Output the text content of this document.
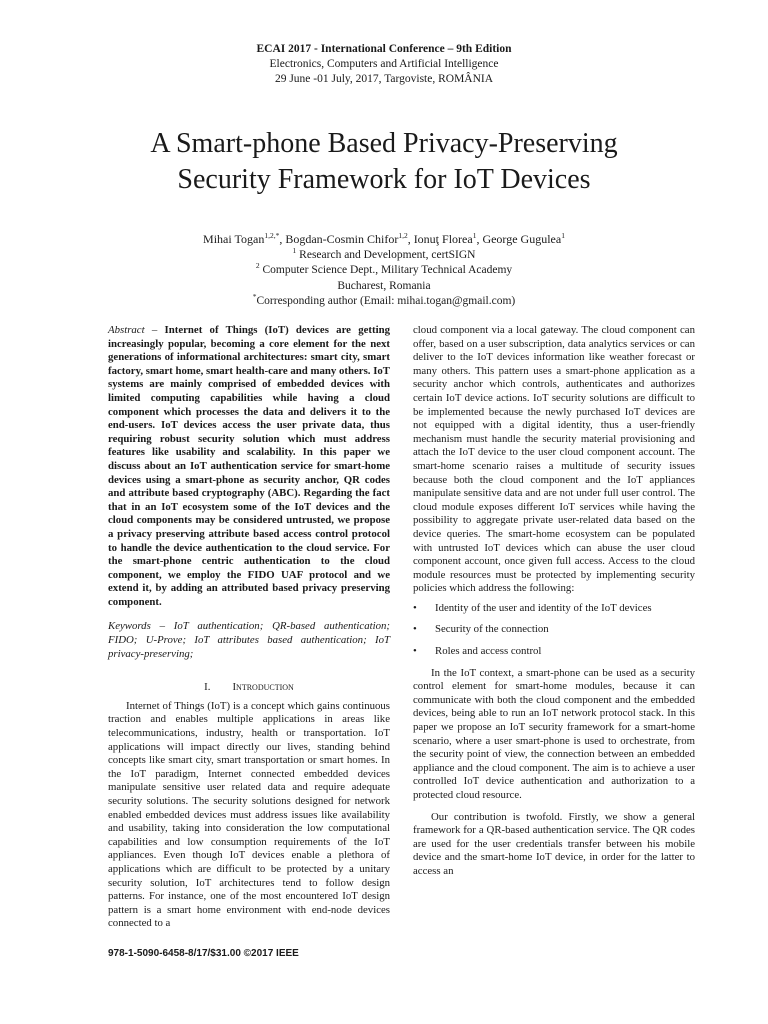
ECAI 2017 - International Conference – 9th Edition
Electronics, Computers and Artificial Intelligence
29 June -01 July, 2017, Targoviste, ROMÂNIA
A Smart-phone Based Privacy-Preserving
Security Framework for IoT Devices
Mihai Togan$^{1,2,*}$, Bogdan-Cosmin Chifor$^{1,2}$, Ionuţ Florea$^1$, George Gugulea$^1$
$^1$ Research and Development, certSIGN
$^2$ Computer Science Dept., Military Technical Academy
Bucharest, Romania
*Corresponding author (Email: mihai.togan@gmail.com)

Abstract – Internet of Things (IoT) devices are getting increasingly popular, becoming a core element for the next generations of informational architectures: smart city, smart factory, smart home, smart health-care and many others. IoT systems are mainly comprised of embedded devices with limited computing capabilities while having a cloud component which processes the data and delivers it to the end-users. IoT devices access the user private data, thus requiring robust security solution which must address features like usability and scalability. In this paper we discuss about an IoT authentication service for smart-home devices using a smart-phone as security anchor, QR codes and attribute based cryptography (ABC). Regarding the fact that in an IoT ecosystem some of the IoT devices and the cloud components may be considered untrusted, we propose a privacy preserving attribute based access control protocol to handle the device authentication to the cloud service. For the smart-phone centric authentication to the cloud component, we employ the FIDO UAF protocol and we extend it, by adding an attributed based privacy preserving component.

Keywords – IoT authentication; QR-based authentication; FIDO; U-Prove; IoT attributes based authentication; IoT privacy-preserving;

I. Introduction

Internet of Things (IoT) is a concept which gains continuous traction and enables multiple applications in areas like telecommunications, industry, health or transportation. IoT applications will impact directly our lives, standing behind concepts like smart city, smart transportation or smart homes. In the IoT paradigm, Internet connected embedded devices manipulate sensitive user related data and require adequate security solutions. The security solutions designed for network enabled embedded devices must address issues like availability and usability, taking into consideration the low computational capabilities and low consumption requirements of the IoT appliances. Even though IoT devices enable a plethora of applications which are difficult to be protected by a unitary security solution, IoT architectures tend to follow design patterns. For instance, one of the most encountered IoT design pattern is a smart home environment with end-node devices connected to a

cloud component via a local gateway. The cloud component can offer, based on a user subscription, data analytics services or can deliver to the IoT devices information like weather forecast or many others. This pattern uses a smart-phone application as a security anchor which controls, authenticates and authorizes certain IoT device actions. IoT security solutions are difficult to be implemented because the newly purchased IoT devices are not equipped with a digital identity, thus a user-friendly mechanism must handle the security material provisioning and attach the IoT device to the user cloud component account. The smart-home scenario raises a multitude of security issues because both the cloud component and the IoT appliances manipulate sensitive data and are not under full user control. The cloud module exposes different IoT services while having the possibility to aggregate private user-related data based on the device queries. The smart-home ecosystem can be populated with untrusted IoT devices which can abuse the user cloud component account, once given full access. Access to the cloud module resources must be protected by implementing security policies which address the following:

• Identity of the user and identity of the IoT devices
• Security of the connection
• Roles and access control

In the IoT context, a smart-phone can be used as a security control element for smart-home modules, because it can communicate with both the cloud component and the embedded devices, being able to run an IoT network protocol stack. In this paper we propose an IoT security framework for a smart-home scenario, where a user smart-phone is used to orchestrate, from the security point of view, the connection between an embedded appliance and the cloud component. The aim is to achieve a user controlled IoT device authentication and authorization to a protected cloud resource.

Our contribution is twofold. Firstly, we show a general framework for a QR-based authentication service. The QR codes are used for the user credentials transfer between his mobile device and the smart-home IoT device, in order for the latter to access an

978-1-5090-6458-8/17/$31.00 ©2017 IEEE
